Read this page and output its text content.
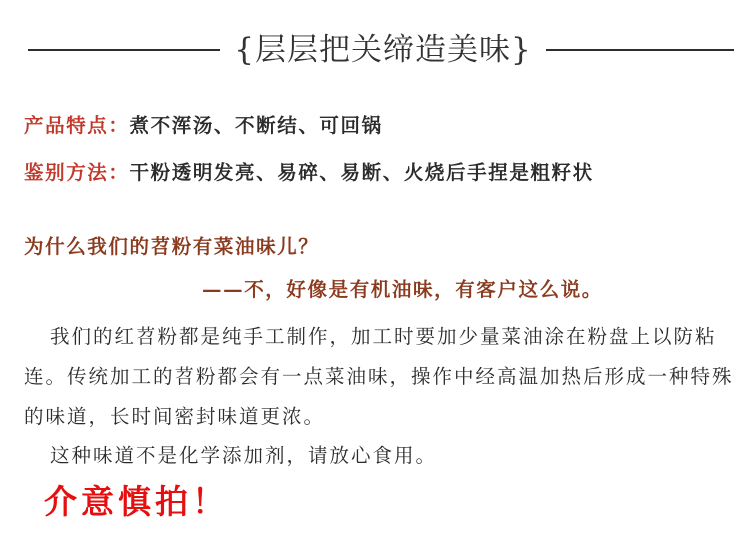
{层层把关缔造美味}
产品特点：煮不浑汤、不断结、可回锅
鉴别方法：干粉透明发亮、易碎、易断、火烧后手捏是粗籽状
为什么我们的苕粉有菜油味儿？
——不，好像是有机油味，有客户这么说。
我们的红苕粉都是纯手工制作，加工时要加少量菜油涂在粉盘上以防粘连。传统加工的苕粉都会有一点菜油味，操作中经高温加热后形成一种特殊的味道，长时间密封味道更浓。
这种味道不是化学添加剂，请放心食用。
介意慎拍！
